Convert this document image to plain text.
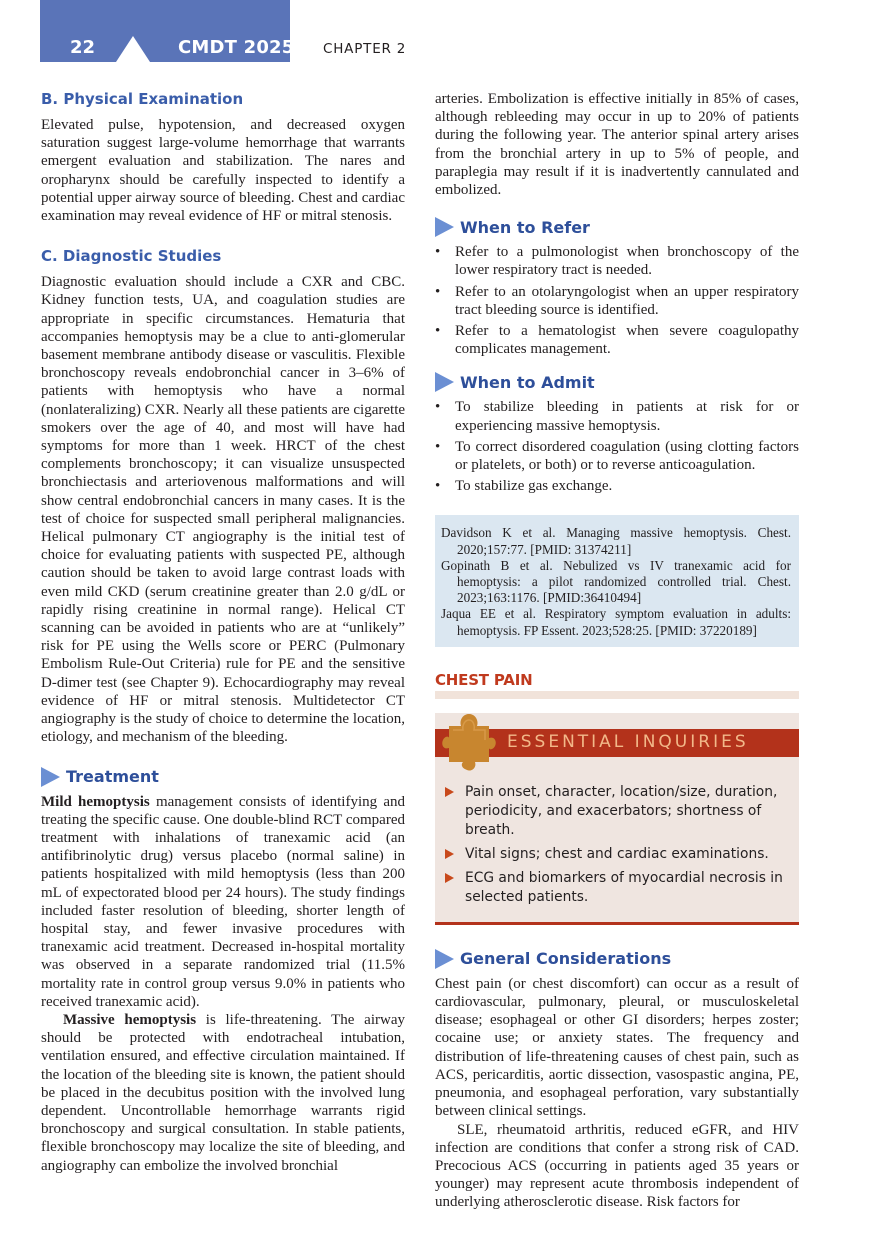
22	CMDT 2025 CHAPTER 2
B. Physical Examination

Elevated pulse, hypotension, and decreased oxygen saturation suggest large-volume hemorrhage that warrants emergent evaluation and stabilization. The nares and oropharynx should be carefully inspected to identify a potential upper airway source of bleeding. Chest and cardiac examination may reveal evidence of HF or mitral stenosis.

C. Diagnostic Studies

Diagnostic evaluation should include a CXR and CBC. Kidney function tests, UA, and coagulation studies are appropriate in specific circumstances. Hematuria that accompanies hemoptysis may be a clue to anti-glomerular basement membrane antibody disease or vasculitis. Flexible bronchoscopy reveals endobronchial cancer in 3–6% of patients with hemoptysis who have a normal (nonlateralizing) CXR. Nearly all these patients are cigarette smokers over the age of 40, and most will have had symptoms for more than 1 week. HRCT of the chest complements bronchoscopy; it can visualize unsuspected bronchiectasis and arteriovenous malformations and will show central endobronchial cancers in many cases. It is the test of choice for suspected small peripheral malignancies. Helical pulmonary CT angiography is the initial test of choice for evaluating patients with suspected PE, although caution should be taken to avoid large contrast loads with even mild CKD (serum creatinine greater than 2.0 g/dL or rapidly rising creatinine in normal range). Helical CT scanning can be avoided in patients who are at “unlikely” risk for PE using the Wells score or PERC (Pulmonary Embolism Rule-Out Criteria) rule for PE and the sensitive D-dimer test (see Chapter 9). Echocardiography may reveal evidence of HF or mitral stenosis. Multidetector CT angiography is the study of choice to determine the location, etiology, and mechanism of the bleeding.

Treatment

Mild hemoptysis management consists of identifying and treating the specific cause. One double-blind RCT compared treatment with inhalations of tranexamic acid (an antifibrinolytic drug) versus placebo (normal saline) in patients hospitalized with mild hemoptysis (less than 200 mL of expectorated blood per 24 hours). The study findings included faster resolution of bleeding, shorter length of hospital stay, and fewer invasive procedures with tranexamic acid treatment. Decreased in-hospital mortality was observed in a separate randomized trial (11.5% mortality rate in control group versus 9.0% in patients who received tranexamic acid).

Massive hemoptysis is life-threatening. The airway should be protected with endotracheal intubation, ventilation ensured, and effective circulation maintained. If the location of the bleeding site is known, the patient should be placed in the decubitus position with the involved lung dependent. Uncontrollable hemorrhage warrants rigid bronchoscopy and surgical consultation. In stable patients, flexible bronchoscopy may localize the site of bleeding, and angiography can embolize the involved bronchial

arteries. Embolization is effective initially in 85% of cases, although rebleeding may occur in up to 20% of patients during the following year. The anterior spinal artery arises from the bronchial artery in up to 5% of people, and paraplegia may result if it is inadvertently cannulated and embolized.

When to Refer
• Refer to a pulmonologist when bronchoscopy of the lower respiratory tract is needed.
• Refer to an otolaryngologist when an upper respiratory tract bleeding source is identified.
• Refer to a hematologist when severe coagulopathy complicates management.
When to Admit
• To stabilize bleeding in patients at risk for or experiencing massive hemoptysis.
• To correct disordered coagulation (using clotting factors or platelets, or both) or to reverse anticoagulation.
• To stabilize gas exchange.
Davidson K et al. Managing massive hemoptysis. Chest. 2020;157:77. [PMID: 31374211]
Gopinath B et al. Nebulized vs IV tranexamic acid for hemoptysis: a pilot randomized controlled trial. Chest. 2023;163:1176. [PMID:36410494]
Jaqua EE et al. Respiratory symptom evaluation in adults: hemoptysis. FP Essent. 2023;528:25. [PMID: 37220189]
CHEST PAIN
ESSENTIAL INQUIRIES
Pain onset, character, location/size, duration, periodicity, and exacerbators; shortness of breath.
Vital signs; chest and cardiac examinations.
ECG and biomarkers of myocardial necrosis in selected patients.
General Considerations

Chest pain (or chest discomfort) can occur as a result of cardiovascular, pulmonary, pleural, or musculoskeletal disease; esophageal or other GI disorders; herpes zoster; cocaine use; or anxiety states. The frequency and distribution of life-threatening causes of chest pain, such as ACS, pericarditis, aortic dissection, vasospastic angina, PE, pneumonia, and esophageal perforation, vary substantially between clinical settings.

SLE, rheumatoid arthritis, reduced eGFR, and HIV infection are conditions that confer a strong risk of CAD. Precocious ACS (occurring in patients aged 35 years or younger) may represent acute thrombosis independent of underlying atherosclerotic disease. Risk factors for
